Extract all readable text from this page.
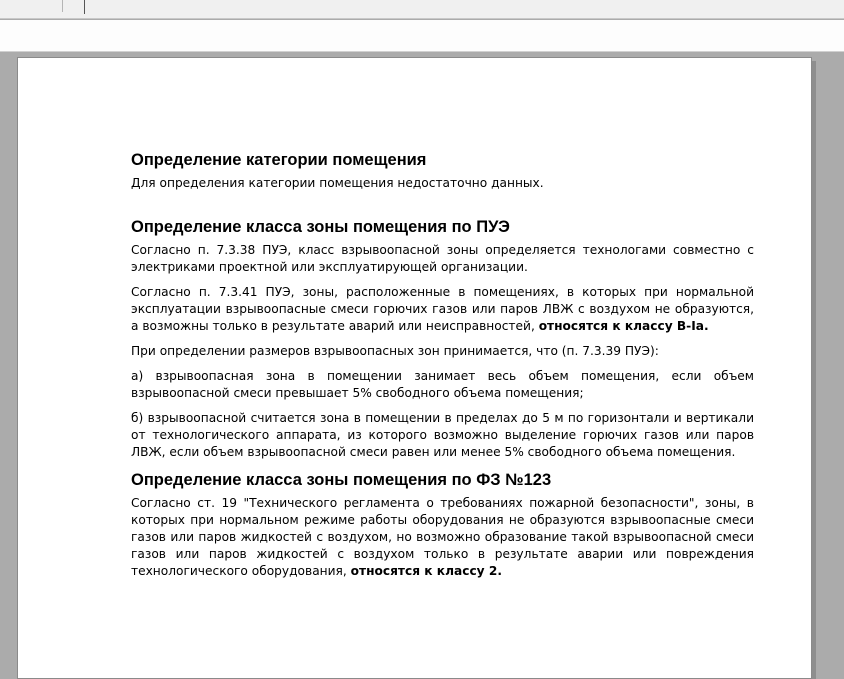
Определение категории помещения

Для определения категории помещения недостаточно данных.

Определение класса зоны помещения по ПУЭ

Согласно п. 7.3.38 ПУЭ, класс взрывоопасной зоны определяется технологами совместно с электриками проектной или эксплуатирующей организации.

Согласно п. 7.3.41 ПУЭ, зоны, расположенные в помещениях, в которых при нормальной эксплуатации взрывоопасные смеси горючих газов или паров ЛВЖ с воздухом не образуются, а возможны только в результате аварий или неисправностей, относятся к классу В-Iа.

При определении размеров взрывоопасных зон принимается, что (п. 7.3.39 ПУЭ):

а) взрывоопасная зона в помещении занимает весь объем помещения, если объем взрывоопасной смеси превышает 5% свободного объема помещения;

б) взрывоопасной считается зона в помещении в пределах до 5 м по горизонтали и вертикали от технологического аппарата, из которого возможно выделение горючих газов или паров ЛВЖ, если объем взрывоопасной смеси равен или менее 5% свободного объема помещения.

Определение класса зоны помещения по ФЗ №123

Согласно ст. 19 "Технического регламента о требованиях пожарной безопасности", зоны, в которых при нормальном режиме работы оборудования не образуются взрывоопасные смеси газов или паров жидкостей с воздухом, но возможно образование такой взрывоопасной смеси газов или паров жидкостей с воздухом только в результате аварии или повреждения технологического оборудования, относятся к классу 2.
